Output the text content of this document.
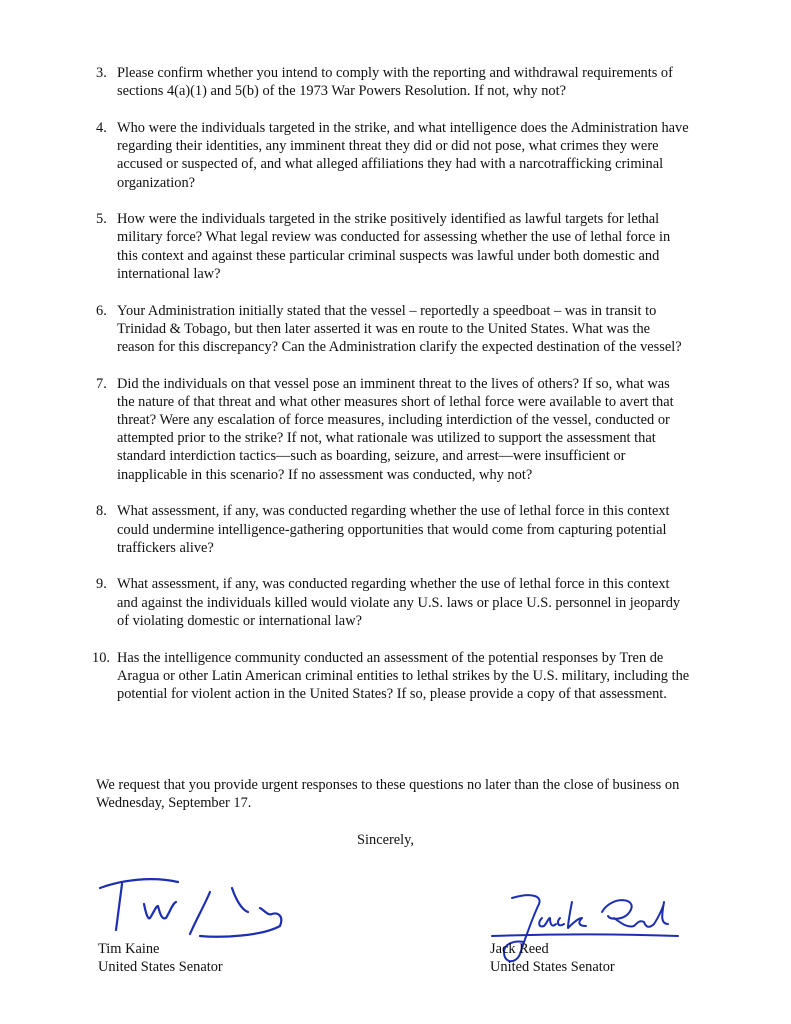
3. Please confirm whether you intend to comply with the reporting and withdrawal requirements of sections 4(a)(1) and 5(b) of the 1973 War Powers Resolution. If not, why not?
4. Who were the individuals targeted in the strike, and what intelligence does the Administration have regarding their identities, any imminent threat they did or did not pose, what crimes they were accused or suspected of, and what alleged affiliations they had with a narcotrafficking criminal organization?
5. How were the individuals targeted in the strike positively identified as lawful targets for lethal military force? What legal review was conducted for assessing whether the use of lethal force in this context and against these particular criminal suspects was lawful under both domestic and international law?
6. Your Administration initially stated that the vessel – reportedly a speedboat – was in transit to Trinidad & Tobago, but then later asserted it was en route to the United States. What was the reason for this discrepancy? Can the Administration clarify the expected destination of the vessel?
7. Did the individuals on that vessel pose an imminent threat to the lives of others? If so, what was the nature of that threat and what other measures short of lethal force were available to avert that threat? Were any escalation of force measures, including interdiction of the vessel, conducted or attempted prior to the strike? If not, what rationale was utilized to support the assessment that standard interdiction tactics—such as boarding, seizure, and arrest—were insufficient or inapplicable in this scenario? If no assessment was conducted, why not?
8. What assessment, if any, was conducted regarding whether the use of lethal force in this context could undermine intelligence-gathering opportunities that would come from capturing potential traffickers alive?
9. What assessment, if any, was conducted regarding whether the use of lethal force in this context and against the individuals killed would violate any U.S. laws or place U.S. personnel in jeopardy of violating domestic or international law?
10. Has the intelligence community conducted an assessment of the potential responses by Tren de Aragua or other Latin American criminal entities to lethal strikes by the U.S. military, including the potential for violent action in the United States? If so, please provide a copy of that assessment.

We request that you provide urgent responses to these questions no later than the close of business on Wednesday, September 17.

Sincerely,
Tim Kaine
United States Senator
Jack Reed
United States Senator
